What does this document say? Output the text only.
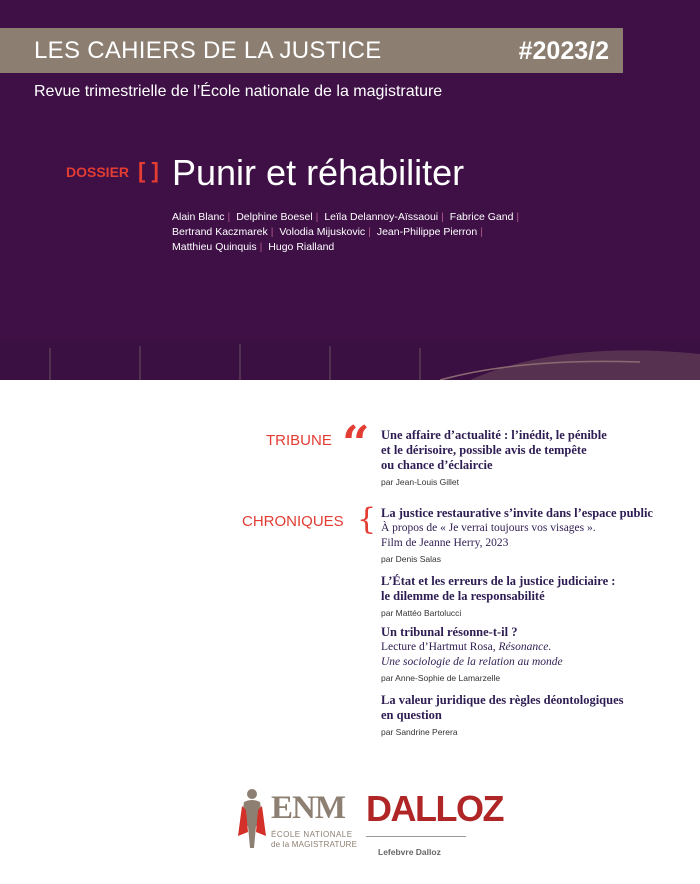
LES CAHIERS DE LA JUSTICE	#2023/2
Revue trimestrielle de l’École nationale de la magistrature
DOSSIER [ ] Punir et réhabiliter
Alain Blanc | Delphine Boesel | Leïla Delannoy-Aïssaoui | Fabrice Gand |
Bertrand Kaczmarek | Volodia Mijuskovic | Jean-Philippe Pierron |
Matthieu Quinquis | Hugo Rialland
TRIBUNE “ Une affaire d’actualité : l’inédit, le pénible
et le dérisoire, possible avis de tempête
ou chance d’éclaircie
par Jean-Louis Gillet
CHRONIQUES { La justice restaurative s’invite dans l’espace public
À propos de « Je verrai toujours vos visages ».
Film de Jeanne Herry, 2023
par Denis Salas
L’État et les erreurs de la justice judiciaire :
le dilemme de la responsabilité
par Mattéo Bartolucci
Un tribunal résonne-t-il ?
Lecture d’Hartmut Rosa, Résonance.
Une sociologie de la relation au monde
par Anne-Sophie de Lamarzelle
La valeur juridique des règles déontologiques
en question
par Sandrine Perera
ENM
ÉCOLE NATIONALE
de la MAGISTRATURE
DALLOZ
Lefebvre Dalloz
